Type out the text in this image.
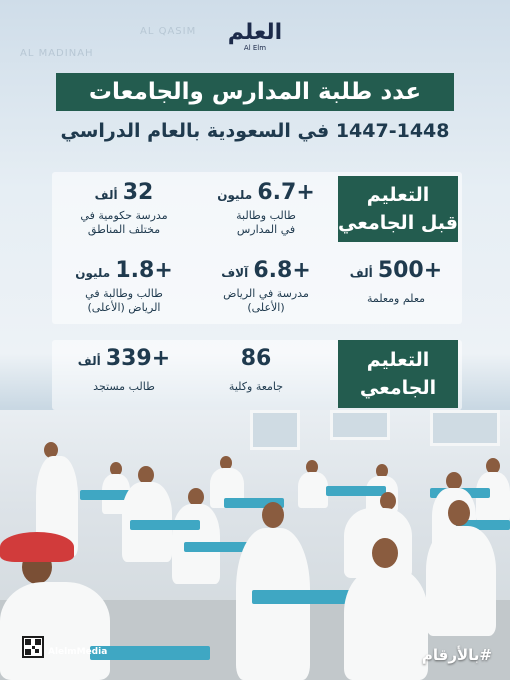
AL MADINAH
AL QASIM	العلم
Al Elm
عدد طلبة المدارس والجامعات
في السعودية بالعام الدراسي 1447-1448
التعليم
قبل الجامعي
+6.7 مليون
طالب وطالبة
في المدارس
32 ألف
مدرسة حكومية في
مختلف المناطق
+500 ألف
معلم ومعلمة
+6.8 آلاف
مدرسة في الرياض
(الأعلى)
+1.8 مليون
طالب وطالبة في
الرياض (الأعلى)
التعليم
الجامعي
86
جامعة وكلية
+339 ألف
طالب مستجد
AlelmMedia	#بالأرقام
